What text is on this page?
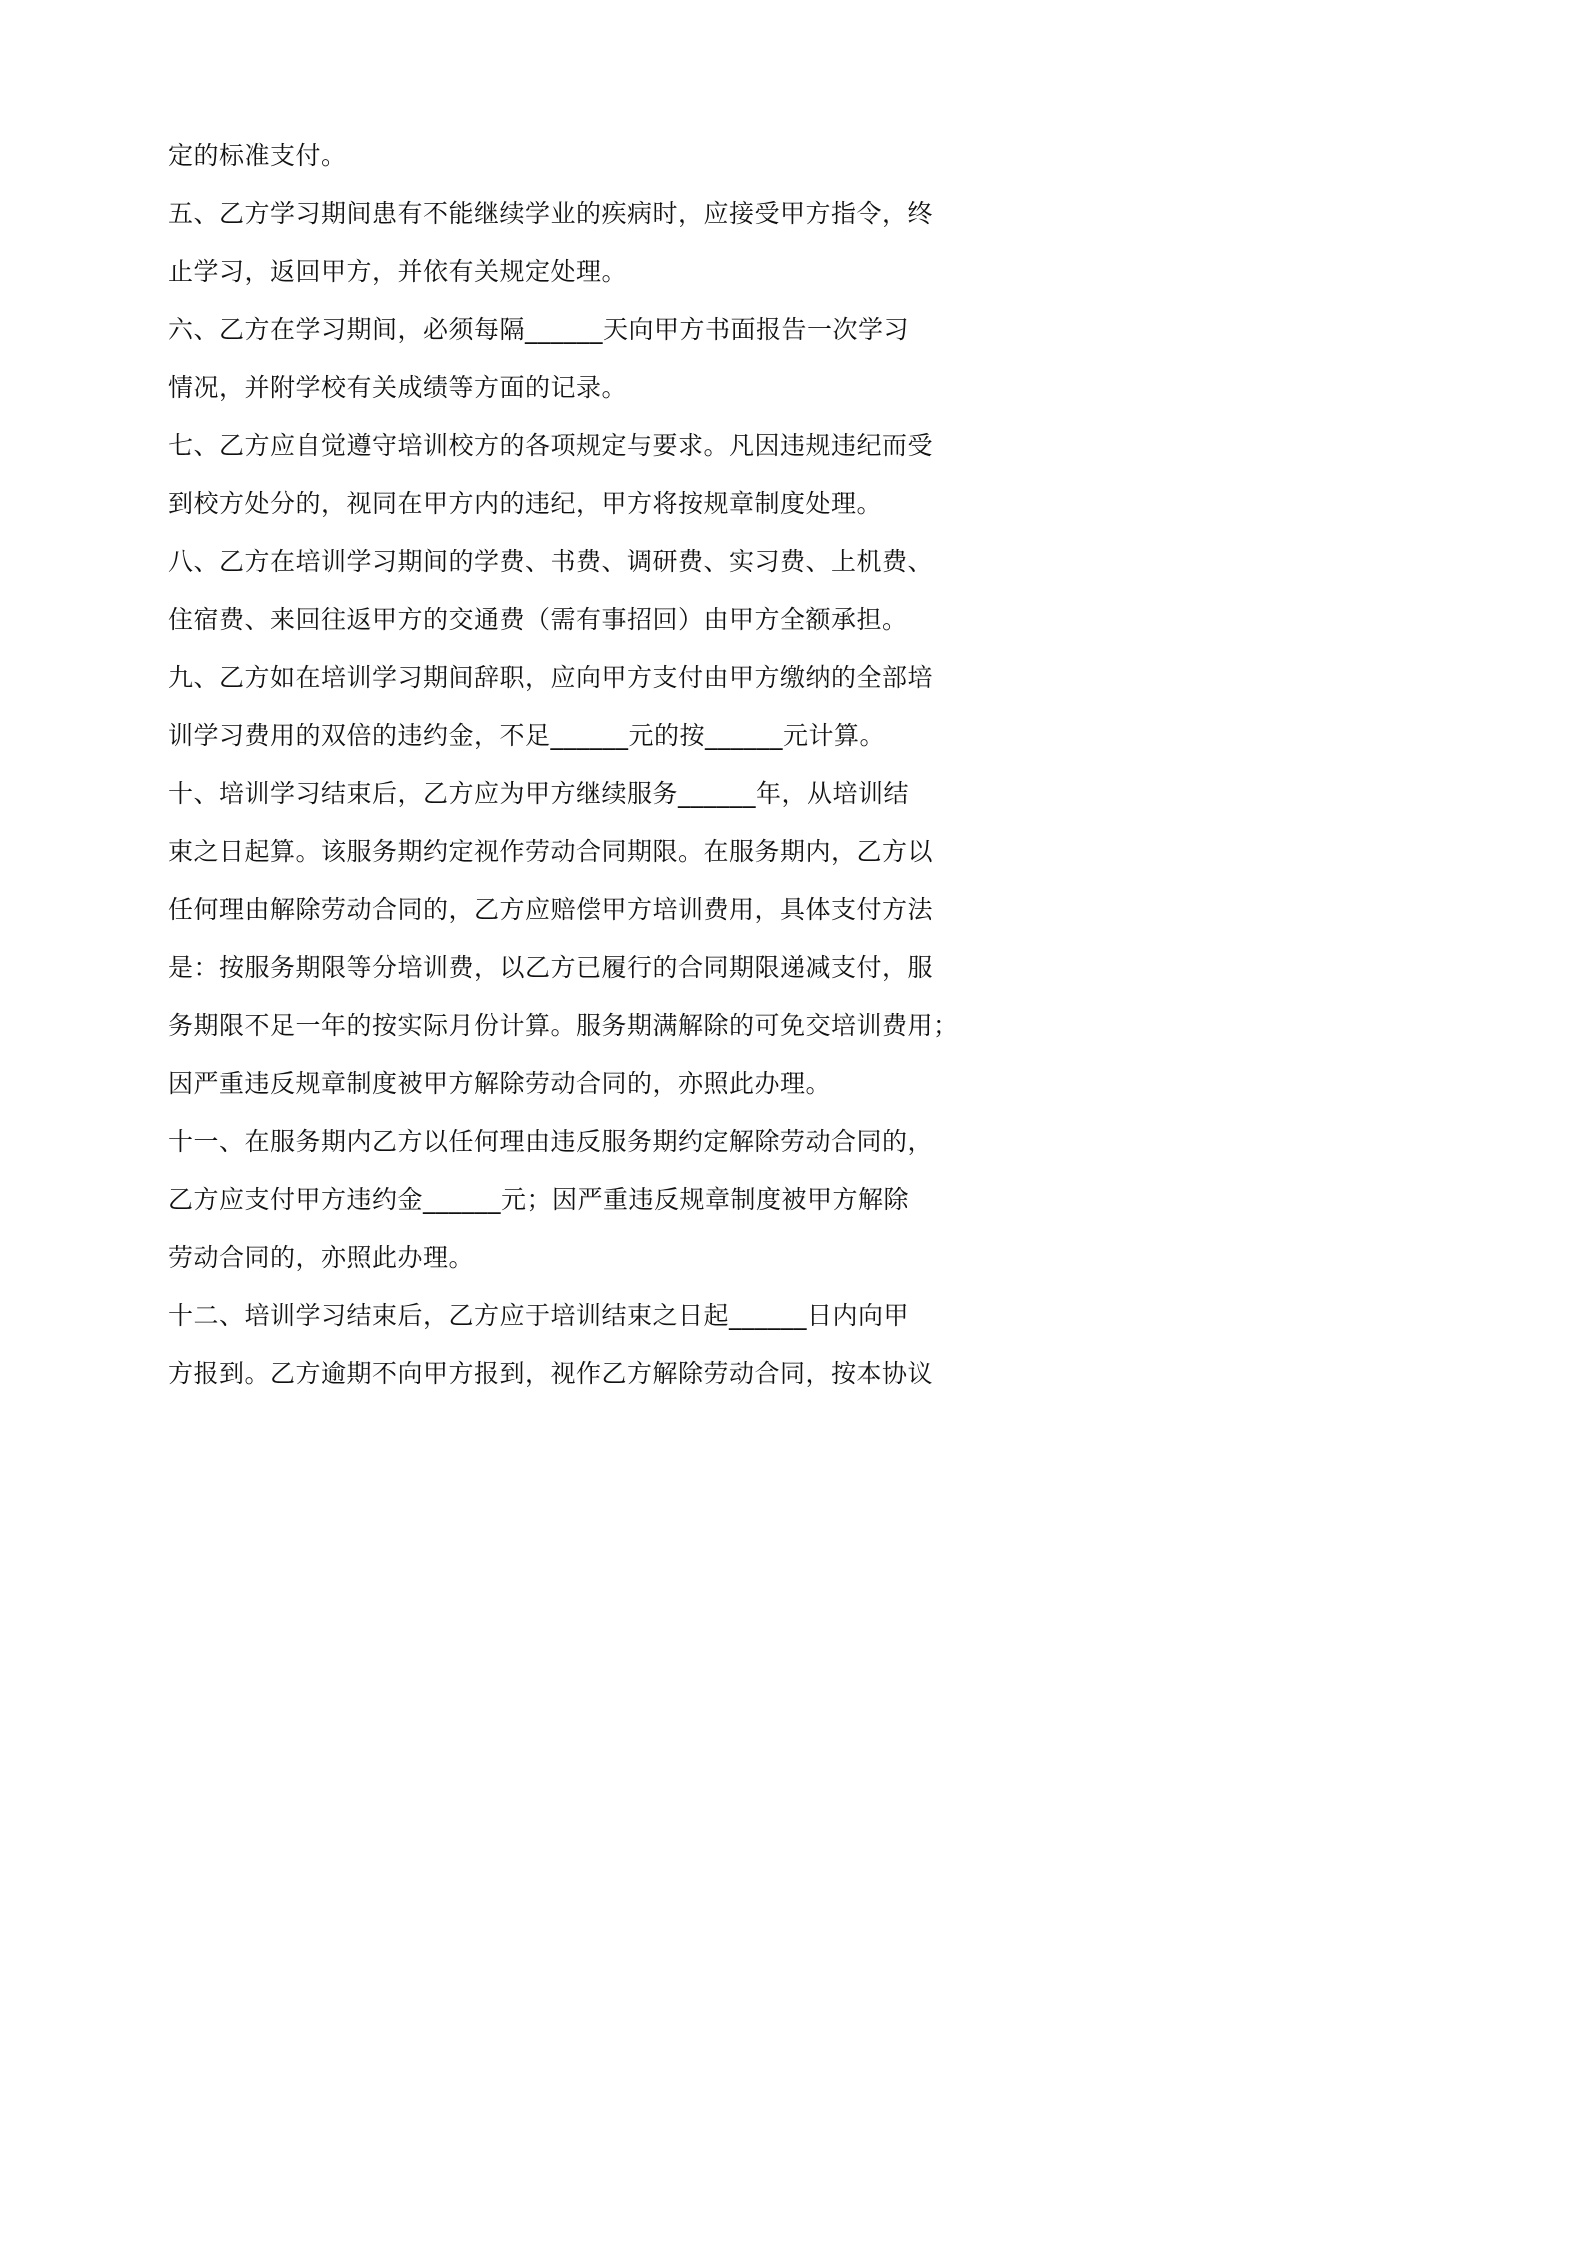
定的标准支付。
五、乙方学习期间患有不能继续学业的疾病时，应接受甲方指令，终
止学习，返回甲方，并依有关规定处理。
六、乙方在学习期间，必须每隔______天向甲方书面报告一次学习
情况，并附学校有关成绩等方面的记录。
七、乙方应自觉遵守培训校方的各项规定与要求。凡因违规违纪而受
到校方处分的，视同在甲方内的违纪，甲方将按规章制度处理。
八、乙方在培训学习期间的学费、书费、调研费、实习费、上机费、
住宿费、来回往返甲方的交通费（需有事招回）由甲方全额承担。
九、乙方如在培训学习期间辞职，应向甲方支付由甲方缴纳的全部培
训学习费用的双倍的违约金，不足______元的按______元计算。
十、培训学习结束后，乙方应为甲方继续服务______年，从培训结
束之日起算。该服务期约定视作劳动合同期限。在服务期内，乙方以
任何理由解除劳动合同的，乙方应赔偿甲方培训费用，具体支付方法
是：按服务期限等分培训费，以乙方已履行的合同期限递减支付，服
务期限不足一年的按实际月份计算。服务期满解除的可免交培训费用；
因严重违反规章制度被甲方解除劳动合同的，亦照此办理。
十一、在服务期内乙方以任何理由违反服务期约定解除劳动合同的，
乙方应支付甲方违约金______元；因严重违反规章制度被甲方解除
劳动合同的，亦照此办理。
十二、培训学习结束后，乙方应于培训结束之日起______日内向甲
方报到。乙方逾期不向甲方报到，视作乙方解除劳动合同，按本协议
